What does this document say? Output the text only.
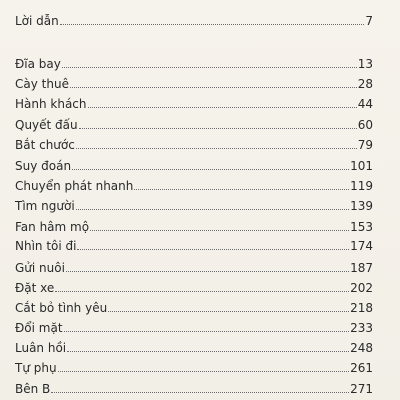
Lời dẫn	7
Đĩa bay	13
Cày thuê	28
Hành khách	44
Quyết đấu	60
Bắt chước	79
Suy đoán	101
Chuyển phát nhanh	119
Tìm người	139
Fan hâm mộ	153
Nhìn tôi đi	174
Gửi nuôi	187
Đặt xe	202
Cắt bỏ tình yêu	218
Đổi mặt	233
Luân hồi	248
Tự phụ	261
Bên B	271
